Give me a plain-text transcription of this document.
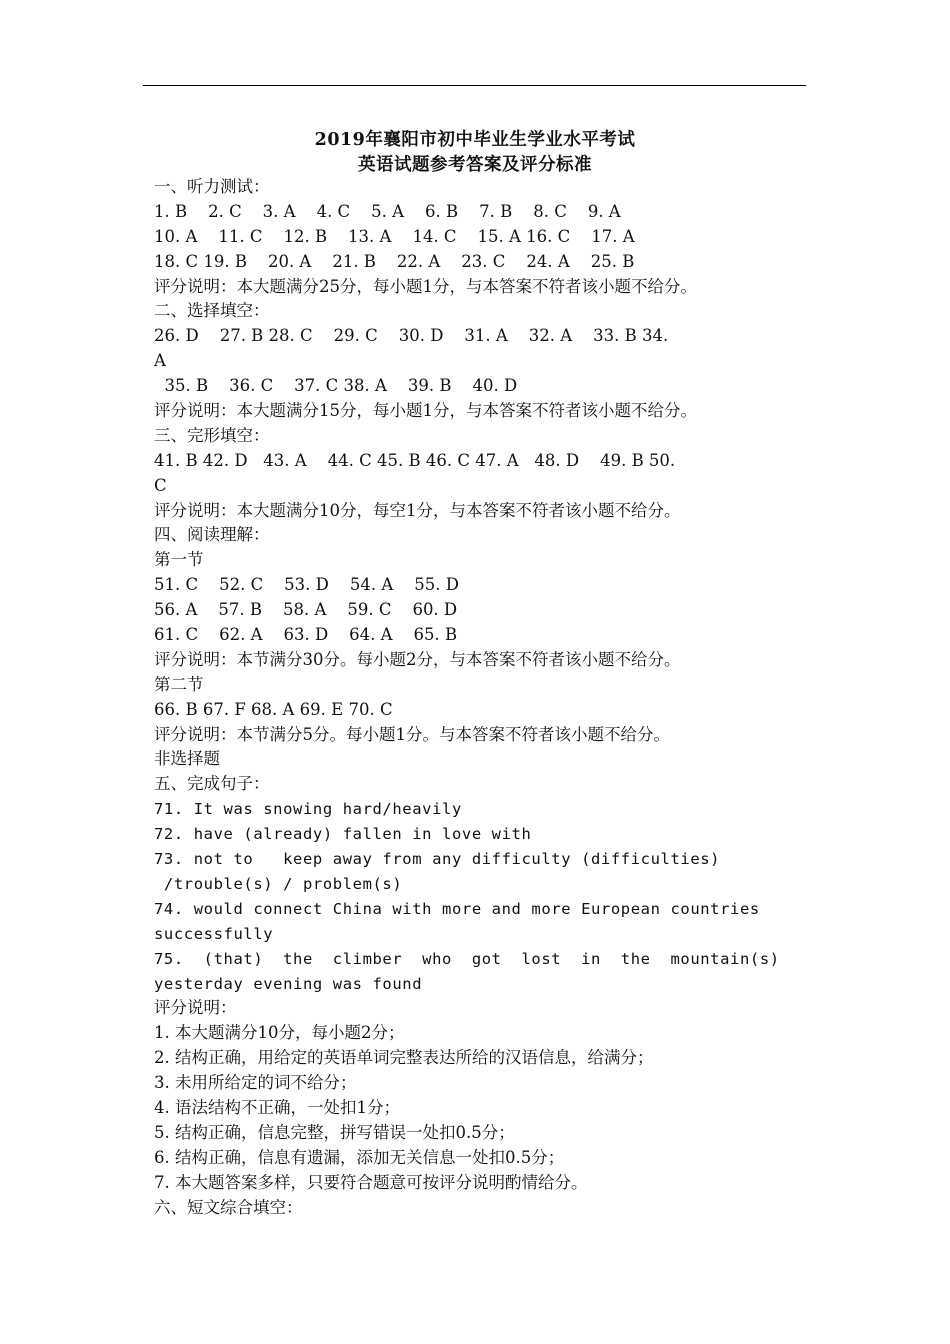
2019年襄阳市初中毕业生学业水平考试
英语试题参考答案及评分标准
一、听力测试：
1. B    2. C    3. A    4. C    5. A    6. B    7. B    8. C    9. A
10. A    11. C    12. B    13. A    14. C    15. A 16. C    17. A
18. C 19. B    20. A    21. B    22. A    23. C    24. A    25. B
评分说明：本大题满分25分，每小题1分，与本答案不符者该小题不给分。
二、选择填空：
26. D    27. B 28. C    29. C    30. D    31. A    32. A    33. B 34.
A
35. B    36. C    37. C 38. A    39. B    40. D
评分说明：本大题满分15分，每小题1分，与本答案不符者该小题不给分。
三、完形填空：
41. B 42. D   43. A    44. C 45. B 46. C 47. A   48. D    49. B 50.
C
评分说明：本大题满分10分，每空1分，与本答案不符者该小题不给分。
四、阅读理解：
第一节
51. C    52. C    53. D    54. A    55. D
56. A    57. B    58. A    59. C    60. D
61. C    62. A    63. D    64. A    65. B
评分说明：本节满分30分。每小题2分，与本答案不符者该小题不给分。
第二节
66. B 67. F 68. A 69. E 70. C
评分说明：本节满分5分。每小题1分。与本答案不符者该小题不给分。
非选择题
五、完成句子：
71. It was snowing hard/heavily
72. have (already) fallen in love with
73. not to   keep away from any difficulty (difficulties)
/trouble(s) / problem(s)
74. would connect China with more and more European countries
successfully
75.  (that)  the  climber  who  got  lost  in  the  mountain(s)
yesterday evening was found
评分说明：
1. 本大题满分10分，每小题2分；
2. 结构正确，用给定的英语单词完整表达所给的汉语信息，给满分；
3. 未用所给定的词不给分；
4. 语法结构不正确，一处扣1分；
5. 结构正确，信息完整，拼写错误一处扣0.5分；
6. 结构正确，信息有遗漏，添加无关信息一处扣0.5分；
7. 本大题答案多样，只要符合题意可按评分说明酌情给分。
六、短文综合填空：
